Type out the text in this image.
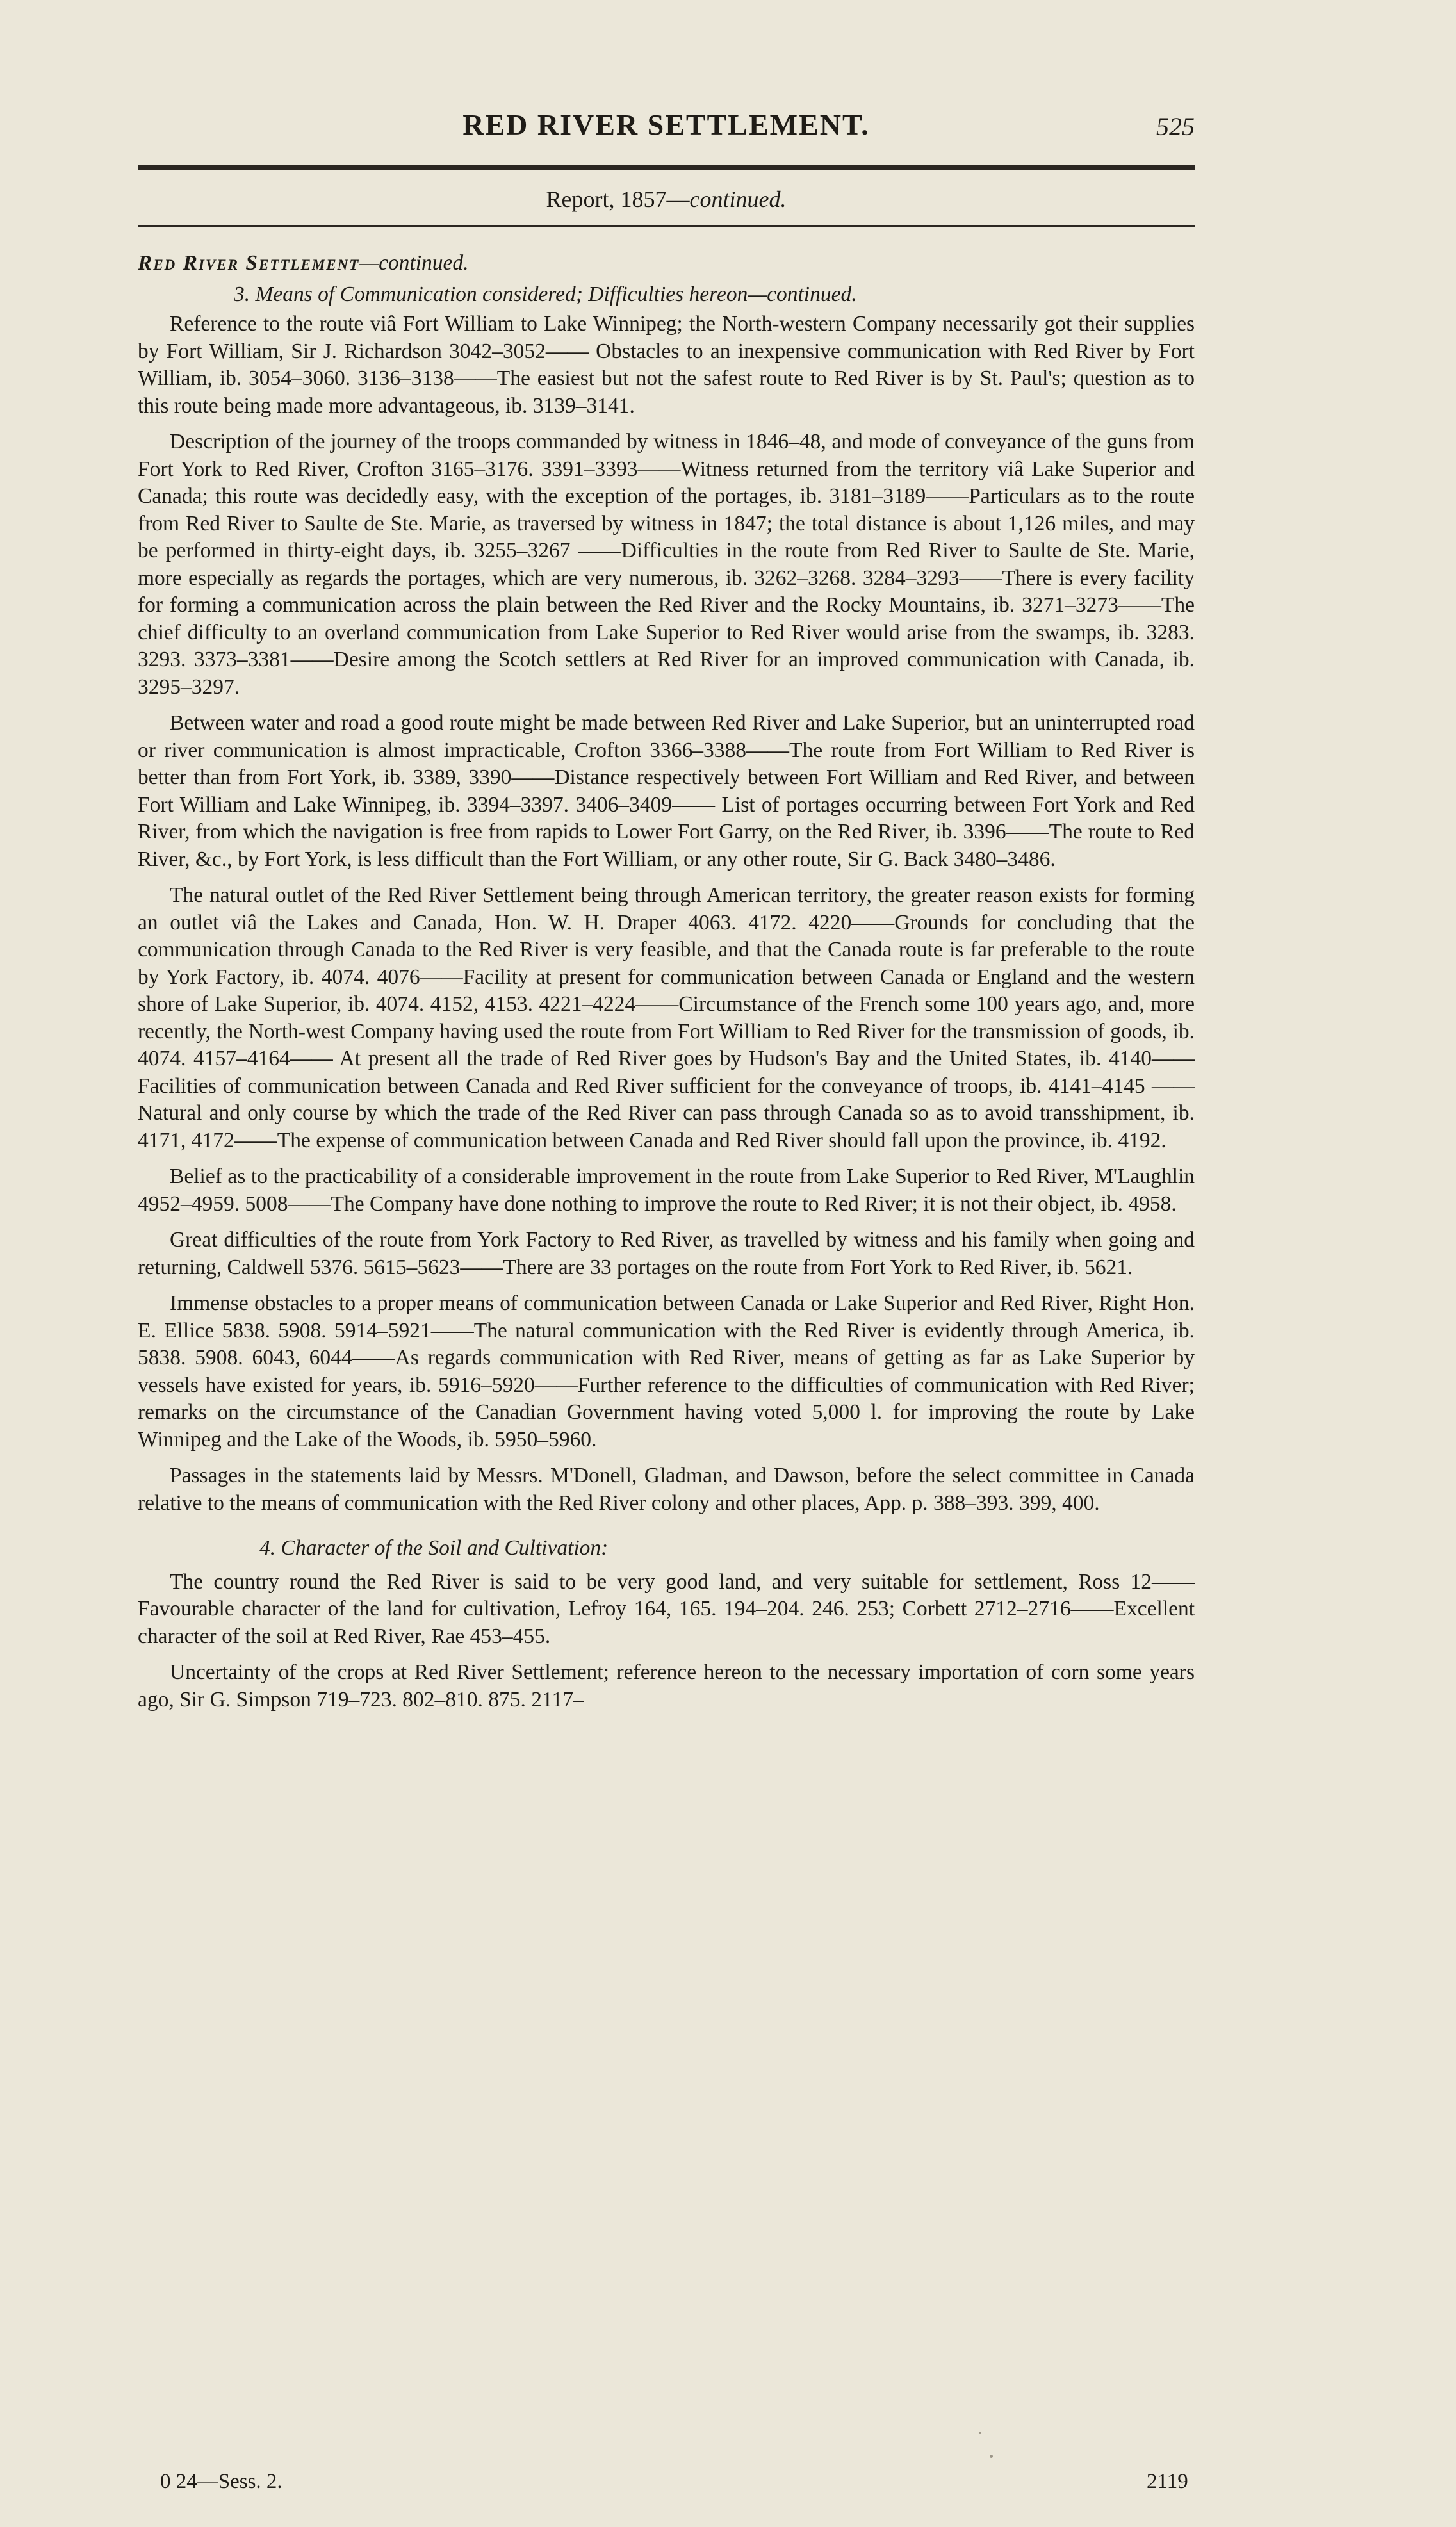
RED RIVER SETTLEMENT.	525
Report, 1857—continued.
Red River Settlement—continued.
3. Means of Communication considered; Difficulties hereon—continued.

Reference to the route viâ Fort William to Lake Winnipeg; the North-western Company necessarily got their supplies by Fort William, Sir J. Richardson 3042–3052—— Obstacles to an inexpensive communication with Red River by Fort William, ib. 3054–3060. 3136–3138——The easiest but not the safest route to Red River is by St. Paul's; question as to this route being made more advantageous, ib. 3139–3141.

Description of the journey of the troops commanded by witness in 1846–48, and mode of conveyance of the guns from Fort York to Red River, Crofton 3165–3176. 3391–3393——Witness returned from the territory viâ Lake Superior and Canada; this route was decidedly easy, with the exception of the portages, ib. 3181–3189——Particulars as to the route from Red River to Saulte de Ste. Marie, as traversed by witness in 1847; the total distance is about 1,126 miles, and may be performed in thirty-eight days, ib. 3255–3267 ——Difficulties in the route from Red River to Saulte de Ste. Marie, more especially as regards the portages, which are very numerous, ib. 3262–3268. 3284–3293——There is every facility for forming a communication across the plain between the Red River and the Rocky Mountains, ib. 3271–3273——The chief difficulty to an overland communication from Lake Superior to Red River would arise from the swamps, ib. 3283. 3293. 3373–3381——Desire among the Scotch settlers at Red River for an improved communication with Canada, ib. 3295–3297.

Between water and road a good route might be made between Red River and Lake Superior, but an uninterrupted road or river communication is almost impracticable, Crofton 3366–3388——The route from Fort William to Red River is better than from Fort York, ib. 3389, 3390——Distance respectively between Fort William and Red River, and between Fort William and Lake Winnipeg, ib. 3394–3397. 3406–3409—— List of portages occurring between Fort York and Red River, from which the navigation is free from rapids to Lower Fort Garry, on the Red River, ib. 3396——The route to Red River, &c., by Fort York, is less difficult than the Fort William, or any other route, Sir G. Back 3480–3486.

The natural outlet of the Red River Settlement being through American territory, the greater reason exists for forming an outlet viâ the Lakes and Canada, Hon. W. H. Draper 4063. 4172. 4220——Grounds for concluding that the communication through Canada to the Red River is very feasible, and that the Canada route is far preferable to the route by York Factory, ib. 4074. 4076——Facility at present for communication between Canada or England and the western shore of Lake Superior, ib. 4074. 4152, 4153. 4221–4224——Circumstance of the French some 100 years ago, and, more recently, the North-west Company having used the route from Fort William to Red River for the transmission of goods, ib. 4074. 4157–4164—— At present all the trade of Red River goes by Hudson's Bay and the United States, ib. 4140—— Facilities of communication between Canada and Red River sufficient for the conveyance of troops, ib. 4141–4145 ——Natural and only course by which the trade of the Red River can pass through Canada so as to avoid transshipment, ib. 4171, 4172——The expense of communication between Canada and Red River should fall upon the province, ib. 4192.

Belief as to the practicability of a considerable improvement in the route from Lake Superior to Red River, M'Laughlin 4952–4959. 5008——The Company have done nothing to improve the route to Red River; it is not their object, ib. 4958.

Great difficulties of the route from York Factory to Red River, as travelled by witness and his family when going and returning, Caldwell 5376. 5615–5623——There are 33 portages on the route from Fort York to Red River, ib. 5621.

Immense obstacles to a proper means of communication between Canada or Lake Superior and Red River, Right Hon. E. Ellice 5838. 5908. 5914–5921——The natural communication with the Red River is evidently through America, ib. 5838. 5908. 6043, 6044——As regards communication with Red River, means of getting as far as Lake Superior by vessels have existed for years, ib. 5916–5920——Further reference to the difficulties of communication with Red River; remarks on the circumstance of the Canadian Government having voted 5,000 l. for improving the route by Lake Winnipeg and the Lake of the Woods, ib. 5950–5960.

Passages in the statements laid by Messrs. M'Donell, Gladman, and Dawson, before the select committee in Canada relative to the means of communication with the Red River colony and other places, App. p. 388–393. 399, 400.

4. Character of the Soil and Cultivation:

The country round the Red River is said to be very good land, and very suitable for settlement, Ross 12——Favourable character of the land for cultivation, Lefroy 164, 165. 194–204. 246. 253; Corbett 2712–2716——Excellent character of the soil at Red River, Rae 453–455.

Uncertainty of the crops at Red River Settlement; reference hereon to the necessary importation of corn some years ago, Sir G. Simpson 719–723. 802–810. 875. 2117–

0 24—Sess. 2.	2119
